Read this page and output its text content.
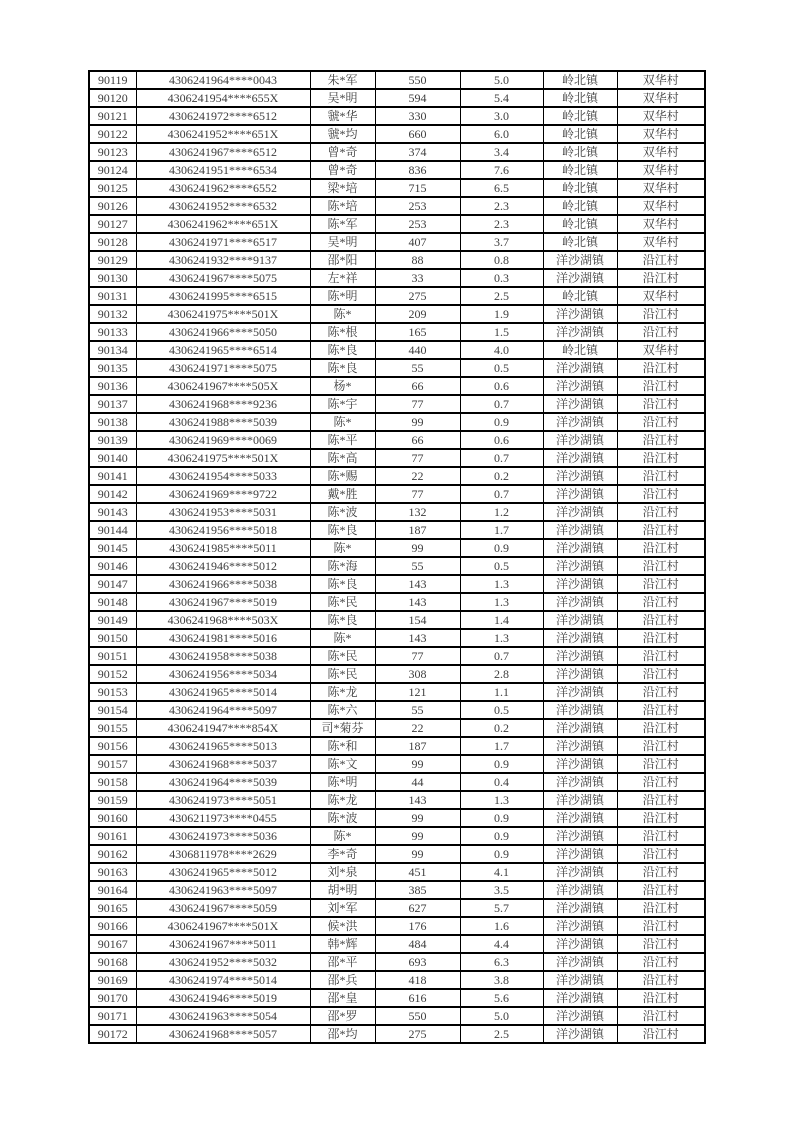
90119	4306241964****0043	朱*军	550	5.0	岭北镇	双华村
90120	4306241954****655X	吴*明	594	5.4	岭北镇	双华村
90121	4306241972****6512	虢*华	330	3.0	岭北镇	双华村
90122	4306241952****651X	虢*均	660	6.0	岭北镇	双华村
90123	4306241967****6512	曾*奇	374	3.4	岭北镇	双华村
90124	4306241951****6534	曾*奇	836	7.6	岭北镇	双华村
90125	4306241962****6552	梁*培	715	6.5	岭北镇	双华村
90126	4306241952****6532	陈*培	253	2.3	岭北镇	双华村
90127	4306241962****651X	陈*军	253	2.3	岭北镇	双华村
90128	4306241971****6517	吴*明	407	3.7	岭北镇	双华村
90129	4306241932****9137	邵*阳	88	0.8	洋沙湖镇	沿江村
90130	4306241967****5075	左*祥	33	0.3	洋沙湖镇	沿江村
90131	4306241995****6515	陈*明	275	2.5	岭北镇	双华村
90132	4306241975****501X	陈*	209	1.9	洋沙湖镇	沿江村
90133	4306241966****5050	陈*根	165	1.5	洋沙湖镇	沿江村
90134	4306241965****6514	陈*良	440	4.0	岭北镇	双华村
90135	4306241971****5075	陈*良	55	0.5	洋沙湖镇	沿江村
90136	4306241967****505X	杨*	66	0.6	洋沙湖镇	沿江村
90137	4306241968****9236	陈*宇	77	0.7	洋沙湖镇	沿江村
90138	4306241988****5039	陈*	99	0.9	洋沙湖镇	沿江村
90139	4306241969****0069	陈*平	66	0.6	洋沙湖镇	沿江村
90140	4306241975****501X	陈*高	77	0.7	洋沙湖镇	沿江村
90141	4306241954****5033	陈*赐	22	0.2	洋沙湖镇	沿江村
90142	4306241969****9722	戴*胜	77	0.7	洋沙湖镇	沿江村
90143	4306241953****5031	陈*波	132	1.2	洋沙湖镇	沿江村
90144	4306241956****5018	陈*良	187	1.7	洋沙湖镇	沿江村
90145	4306241985****5011	陈*	99	0.9	洋沙湖镇	沿江村
90146	4306241946****5012	陈*海	55	0.5	洋沙湖镇	沿江村
90147	4306241966****5038	陈*良	143	1.3	洋沙湖镇	沿江村
90148	4306241967****5019	陈*民	143	1.3	洋沙湖镇	沿江村
90149	4306241968****503X	陈*良	154	1.4	洋沙湖镇	沿江村
90150	4306241981****5016	陈*	143	1.3	洋沙湖镇	沿江村
90151	4306241958****5038	陈*民	77	0.7	洋沙湖镇	沿江村
90152	4306241956****5034	陈*民	308	2.8	洋沙湖镇	沿江村
90153	4306241965****5014	陈*龙	121	1.1	洋沙湖镇	沿江村
90154	4306241964****5097	陈*六	55	0.5	洋沙湖镇	沿江村
90155	4306241947****854X	司*菊芬	22	0.2	洋沙湖镇	沿江村
90156	4306241965****5013	陈*和	187	1.7	洋沙湖镇	沿江村
90157	4306241968****5037	陈*文	99	0.9	洋沙湖镇	沿江村
90158	4306241964****5039	陈*明	44	0.4	洋沙湖镇	沿江村
90159	4306241973****5051	陈*龙	143	1.3	洋沙湖镇	沿江村
90160	4306211973****0455	陈*波	99	0.9	洋沙湖镇	沿江村
90161	4306241973****5036	陈*	99	0.9	洋沙湖镇	沿江村
90162	4306811978****2629	李*奇	99	0.9	洋沙湖镇	沿江村
90163	4306241965****5012	刘*泉	451	4.1	洋沙湖镇	沿江村
90164	4306241963****5097	胡*明	385	3.5	洋沙湖镇	沿江村
90165	4306241967****5059	刘*军	627	5.7	洋沙湖镇	沿江村
90166	4306241967****501X	候*洪	176	1.6	洋沙湖镇	沿江村
90167	4306241967****5011	韩*辉	484	4.4	洋沙湖镇	沿江村
90168	4306241952****5032	邵*平	693	6.3	洋沙湖镇	沿江村
90169	4306241974****5014	邵*兵	418	3.8	洋沙湖镇	沿江村
90170	4306241946****5019	邵*皇	616	5.6	洋沙湖镇	沿江村
90171	4306241963****5054	邵*罗	550	5.0	洋沙湖镇	沿江村
90172	4306241968****5057	邵*均	275	2.5	洋沙湖镇	沿江村
